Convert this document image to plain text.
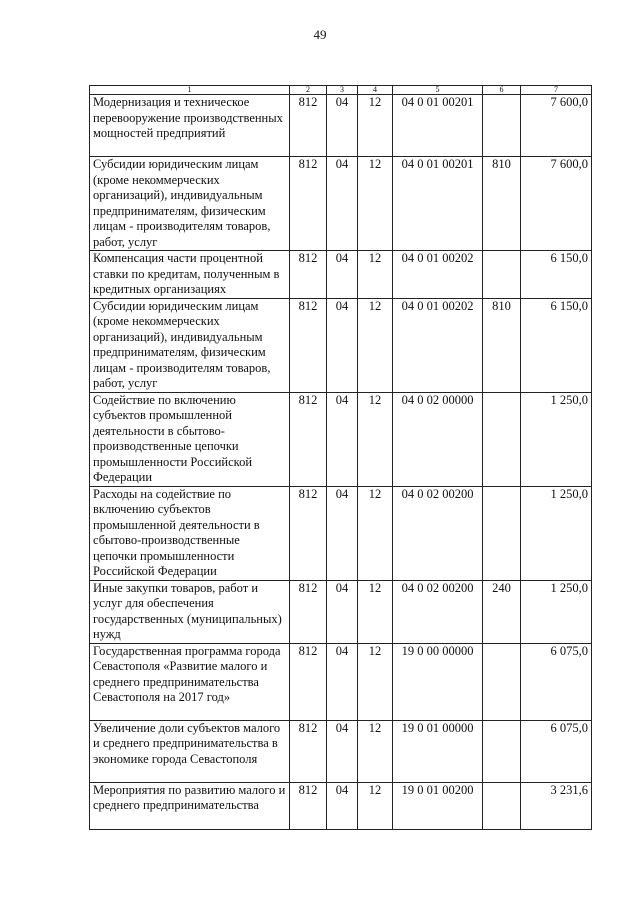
49
1	2	3	4	5	6	7
Модернизация и техническое перевооружение производственных мощностей предприятий	812	04	12	04 0 01 00201		7 600,0
Субсидии юридическим лицам (кроме некоммерческих организаций), индивидуальным предпринимателям, физическим лицам - производителям товаров, работ, услуг	812	04	12	04 0 01 00201	810	7 600,0
Компенсация части процентной ставки по кредитам, полученным в кредитных организациях	812	04	12	04 0 01 00202		6 150,0
Субсидии юридическим лицам (кроме некоммерческих организаций), индивидуальным предпринимателям, физическим лицам - производителям товаров, работ, услуг	812	04	12	04 0 01 00202	810	6 150,0
Содействие по включению субъектов промышленной деятельности в сбытово-производственные цепочки промышленности Российской Федерации	812	04	12	04 0 02 00000		1 250,0
Расходы на содействие по включению субъектов промышленной деятельности в сбытово-производственные цепочки промышленности Российской Федерации	812	04	12	04 0 02 00200		1 250,0
Иные закупки товаров, работ и услуг для обеспечения государственных (муниципальных) нужд	812	04	12	04 0 02 00200	240	1 250,0
Государственная программа города Севастополя «Развитие малого и среднего предпринимательства Севастополя на 2017 год»	812	04	12	19 0 00 00000		6 075,0
Увеличение доли субъектов малого и среднего предпринимательства в экономике города Севастополя	812	04	12	19 0 01 00000		6 075,0
Мероприятия по развитию малого и среднего предпринимательства	812	04	12	19 0 01 00200		3 231,6
